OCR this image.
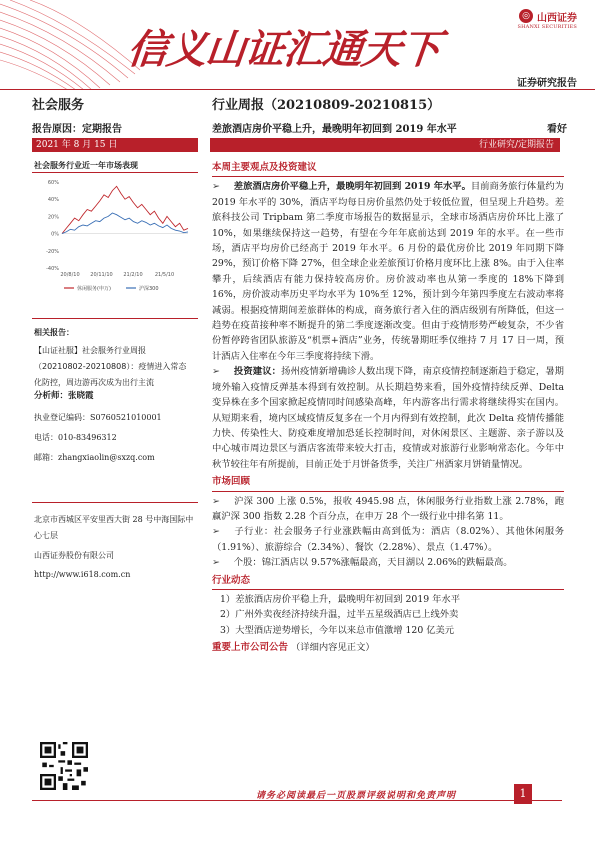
◎ 山西证券
SHANXI SECURITIES
信义山证汇通天下
证券研究报告
社会服务	行业周报（20210809-20210815）
报告原因：定期报告	差旅酒店房价平稳上升，最晚明年初回到 2019 年水平	看好
2021 年 8 月 15 日	行业研究/定期报告
社会服务行业近一年市场表现
60%
40%
20%
0%
-20%
-40%
20/8/10 20/11/10 21/2/10 21/5/10
休闲服务(申万)	沪深300
相关报告：
【山证社服】社会服务行业周报（20210802-20210808）：疫情进入常态化防控，周边游再次成为出行主流
分析师：张晓霞
执业登记编码：S0760521010001
电话：010-83496312
邮箱：zhangxiaolin@sxzq.com
北京市西城区平安里西大街 28 号中海国际中心七层
山西证券股份有限公司
http://www.i618.com.cn
本周主要观点及投资建议
➢ 差旅酒店房价平稳上升，最晚明年初回到 2019 年水平。目前商务旅行体量约为 2019 年水平的 30%，酒店平均每日房价虽然仍处于较低位置，但呈现上升趋势。差旅科技公司 Tripbam 第二季度市场报告的数据显示，全球市场酒店房价环比上涨了 10%，如果继续保持这一趋势，有望在今年年底前达到 2019 年的水平。在一些市场，酒店平均房价已经高于 2019 年水平。6 月份的最优房价比 2019 年同期下降 29%，预订价格下降 27%，但全球企业差旅预订价格月度环比上涨 8%。由于入住率攀升，后续酒店有能力保持较高房价。房价波动率也从第一季度的 18%下降到 16%，房价波动率历史平均水平为 10%至 12%，预计到今年第四季度左右波动率将减弱。根据疫情期间差旅群体的构成，商务旅行者入住的酒店级别有所降低，但这一趋势在疫苗接种率不断提升的第二季度逐渐改变。但由于疫情形势严峻复杂，不少省份暂停跨省团队旅游及“机票+酒店”业务，传统暑期旺季仅维持 7 月 17 日一周，预计酒店入住率在今年三季度将持续下滑。
➢ 投资建议：扬州疫情新增确诊人数出现下降，南京疫情控制逐渐趋于稳定，暑期境外输入疫情反弹基本得到有效控制。从长期趋势来看，国外疫情持续反弹、Delta 变异株在多个国家掀起疫情同时间感染高峰，年内游客出行需求将继续得实在国内。从短期来看，境内区域疫情反复多在一个月内得到有效控制，此次 Delta 疫情传播能力快、传染性大、防疫难度增加恐延长控制时间，对休闲景区、主题游、亲子游以及中心城市周边景区与酒店客流带来较大打击，疫情或对旅游行业影响常态化。今年中秋节较往年有所提前，目前正处于月饼备货季，关注广州酒家月饼销量情况。
市场回顾
➢ 沪深 300 上涨 0.5%，报收 4945.98 点，休闲服务行业指数上涨 2.78%，跑赢沪深 300 指数 2.28 个百分点，在申万 28 个一级行业中排名第 11。
➢ 子行业：社会服务子行业涨跌幅由高到低为：酒店（8.02%）、其他休闲服务（1.91%）、旅游综合（2.34%）、餐饮（2.28%）、景点（1.47%）。
➢ 个股：锦江酒店以 9.57%涨幅最高，天目湖以 2.06%的跌幅最高。
行业动态
1）差旅酒店房价平稳上升，最晚明年初回到 2019 年水平
2）广州外卖夜经济持续升温，过半五星级酒店已上线外卖
3）大型酒店逆势增长，今年以来总市值激增 120 亿美元
重要上市公司公告 （详细内容见正文）
请务必阅读最后一页股票评级说明和免责声明	1
